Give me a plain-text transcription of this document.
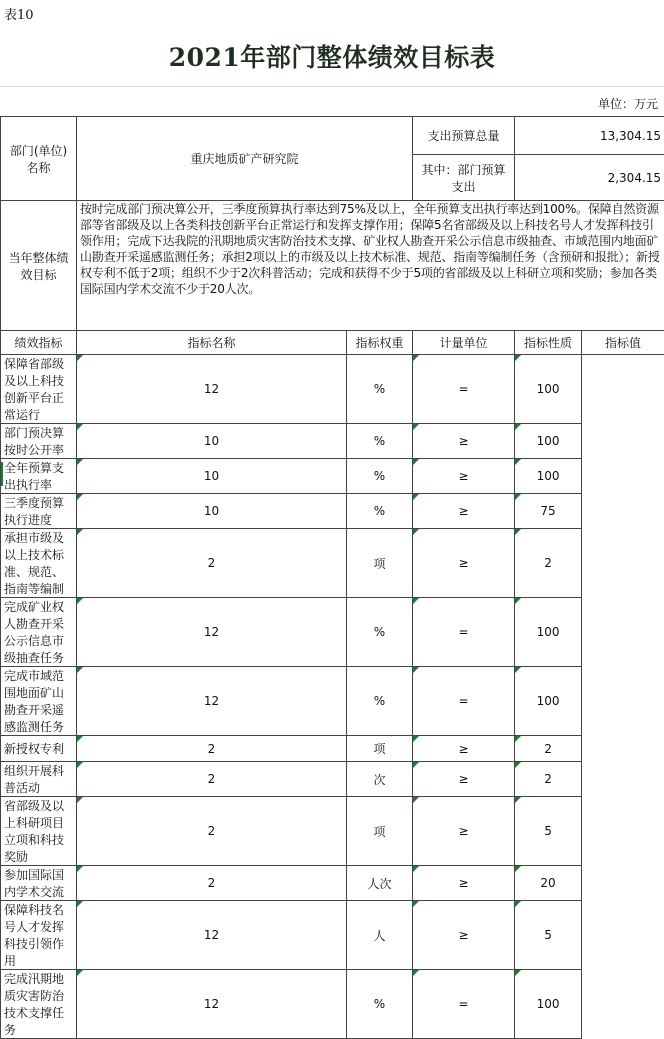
表10
2021年部门整体绩效目标表
单位：万元
部门(单位)名称	重庆地质矿产研究院		支出预算总量	13,304.15	
			其中：部门预算支出	2,304.15	
当年整体绩效目标	按时完成部门预决算公开，三季度预算执行率达到75%及以上，全年预算支出执行率达到100%。保障自然资源部等省部级及以上各类科技创新平台正常运行和发挥支撑作用；保障5名省部级及以上科技名号人才发挥科技引领作用；完成下达我院的汛期地质灾害防治技术支撑、矿业权人勘查开采公示信息市级抽查、市域范围内地面矿山勘查开采遥感监测任务；承担2项以上的市级及以上技术标准、规范、指南等编制任务（含预研和报批）；新授权专利不低于2项；组织不少于2次科普活动；完成和获得不少于5项的省部级及以上科研立项和奖励；参加各类国际国内学术交流不少于20人次。				
绩效指标	指标名称	指标权重	计量单位	指标性质	指标值
保障省部级及以上科技创新平台正常运行	12	%	=	100	
部门预决算按时公开率	10	%	≥	100	
全年预算支出执行率	10	%	≥	100	
三季度预算执行进度	10	%	≥	75	
承担市级及以上技术标准、规范、指南等编制	2	项	≥	2	
完成矿业权人勘查开采公示信息市级抽查任务	12	%	=	100	
完成市域范围地面矿山勘查开采遥感监测任务	12	%	=	100	
新授权专利	2	项	≥	2	
组织开展科普活动	2	次	≥	2	
省部级及以上科研项目立项和科技奖励	2	项	≥	5	
参加国际国内学术交流	2	人次	≥	20	
保障科技名号人才发挥科技引领作用	12	人	≥	5	
完成汛期地质灾害防治技术支撑任务	12	%	=	100	
